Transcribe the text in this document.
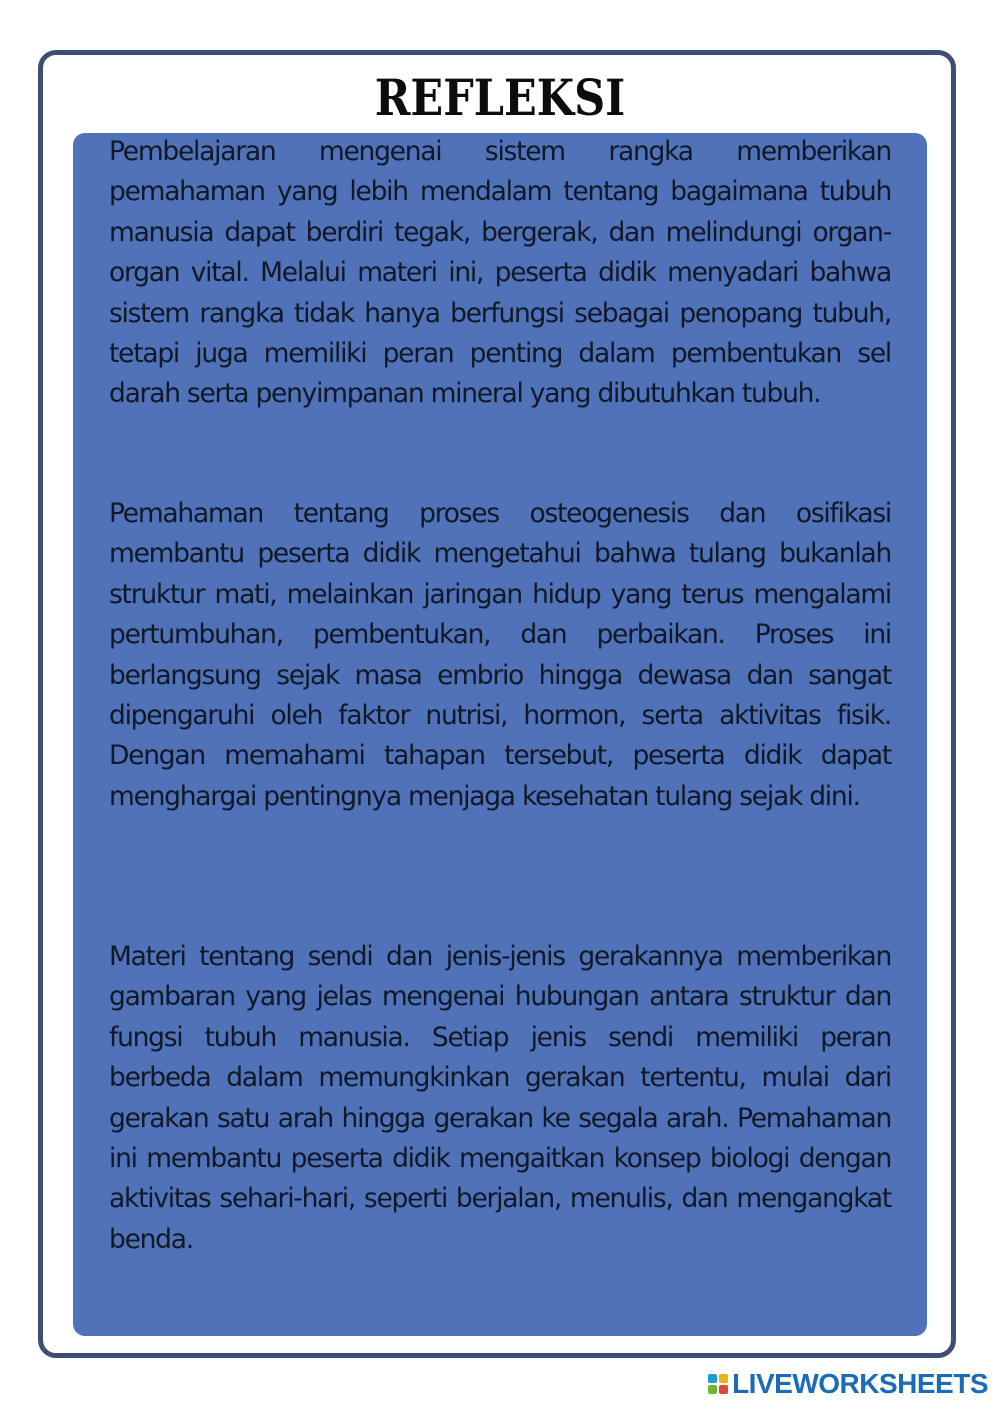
REFLEKSI

Pembelajaran mengenai sistem rangka memberikan pemahaman yang lebih mendalam tentang bagaimana tubuh manusia dapat berdiri tegak, bergerak, dan melindungi organ-organ vital. Melalui materi ini, peserta didik menyadari bahwa sistem rangka tidak hanya berfungsi sebagai penopang tubuh, tetapi juga memiliki peran penting dalam pembentukan sel darah serta penyimpanan mineral yang dibutuhkan tubuh.

Pemahaman tentang proses osteogenesis dan osifikasi membantu peserta didik mengetahui bahwa tulang bukanlah struktur mati, melainkan jaringan hidup yang terus mengalami pertumbuhan, pembentukan, dan perbaikan. Proses ini berlangsung sejak masa embrio hingga dewasa dan sangat dipengaruhi oleh faktor nutrisi, hormon, serta aktivitas fisik. Dengan memahami tahapan tersebut, peserta didik dapat menghargai pentingnya menjaga kesehatan tulang sejak dini.

Materi tentang sendi dan jenis-jenis gerakannya memberikan gambaran yang jelas mengenai hubungan antara struktur dan fungsi tubuh manusia. Setiap jenis sendi memiliki peran berbeda dalam memungkinkan gerakan tertentu, mulai dari gerakan satu arah hingga gerakan ke segala arah. Pemahaman ini membantu peserta didik mengaitkan konsep biologi dengan aktivitas sehari-hari, seperti berjalan, menulis, dan mengangkat benda.

LIVEWORKSHEETS
